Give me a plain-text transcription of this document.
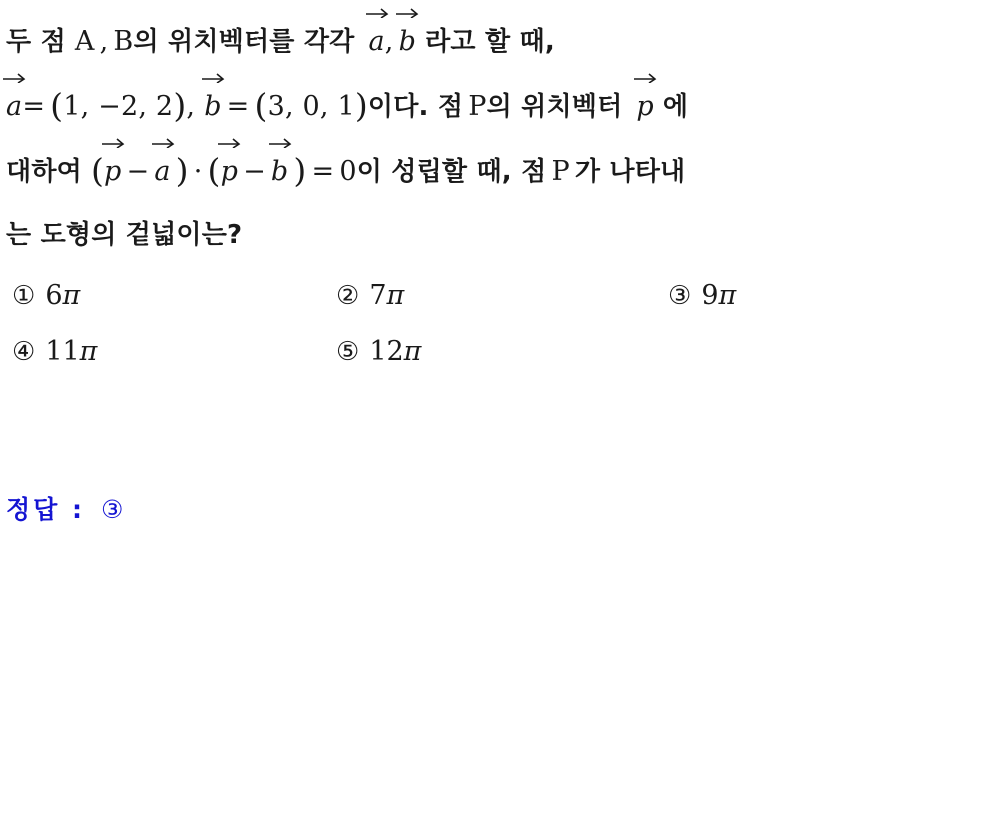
두 점 A , B의 위치벡터를 각각 a, b 라고 할 때,
a= (1, −2, 2), b = (3, 0, 1)이다. 점 P의 위치벡터 p 에
대하여 (
p − a ) · (
p − b ) = 0이 성립할 때, 점 P 가 나타내
는 도형의 겉넓이는?
① 6π	② 7π	③ 9π
④ 11π	⑤ 12π
정답 : ③
